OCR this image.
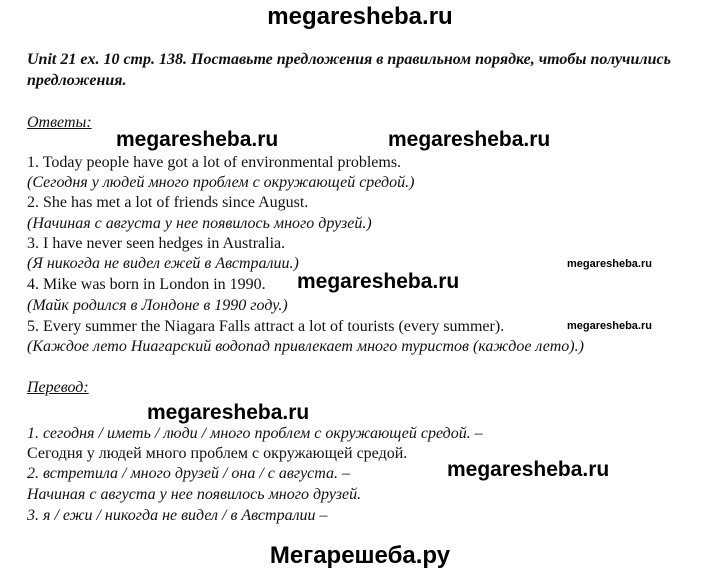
megaresheba.ru
Unit 21 ex. 10 стр. 138. Поставьте предложения в правильном порядке, чтобы получились предложения.
Ответы:
megaresheba.ru	megaresheba.ru
1. Today people have got a lot of environmental problems.
(Сегодня у людей много проблем с окружающей средой.)
2. She has met a lot of friends since August.
(Начиная с августа у нее появилось много друзей.)
3. I have never seen hedges in Australia.
(Я никогда не видел ежей в Австралии.)	megaresheba.ru
4. Mike was born in London in 1990. megaresheba.ru
(Майк родился в Лондоне в 1990 году.)
5. Every summer the Niagara Falls attract a lot of tourists (every summer).	megaresheba.ru
(Каждое лето Ниагарский водопад привлекает много туристов (каждое лето).)
Перевод:
megaresheba.ru
1. сегодня / иметь / люди / много проблем с окружающей средой. –
Сегодня у людей много проблем с окружающей средой.
2. встретила / много друзей / она / с августа. –	megaresheba.ru
Начиная с августа у нее появилось много друзей.
3. я / ежи / никогда не видел / в Австралии –
Мегарешеба.ру
